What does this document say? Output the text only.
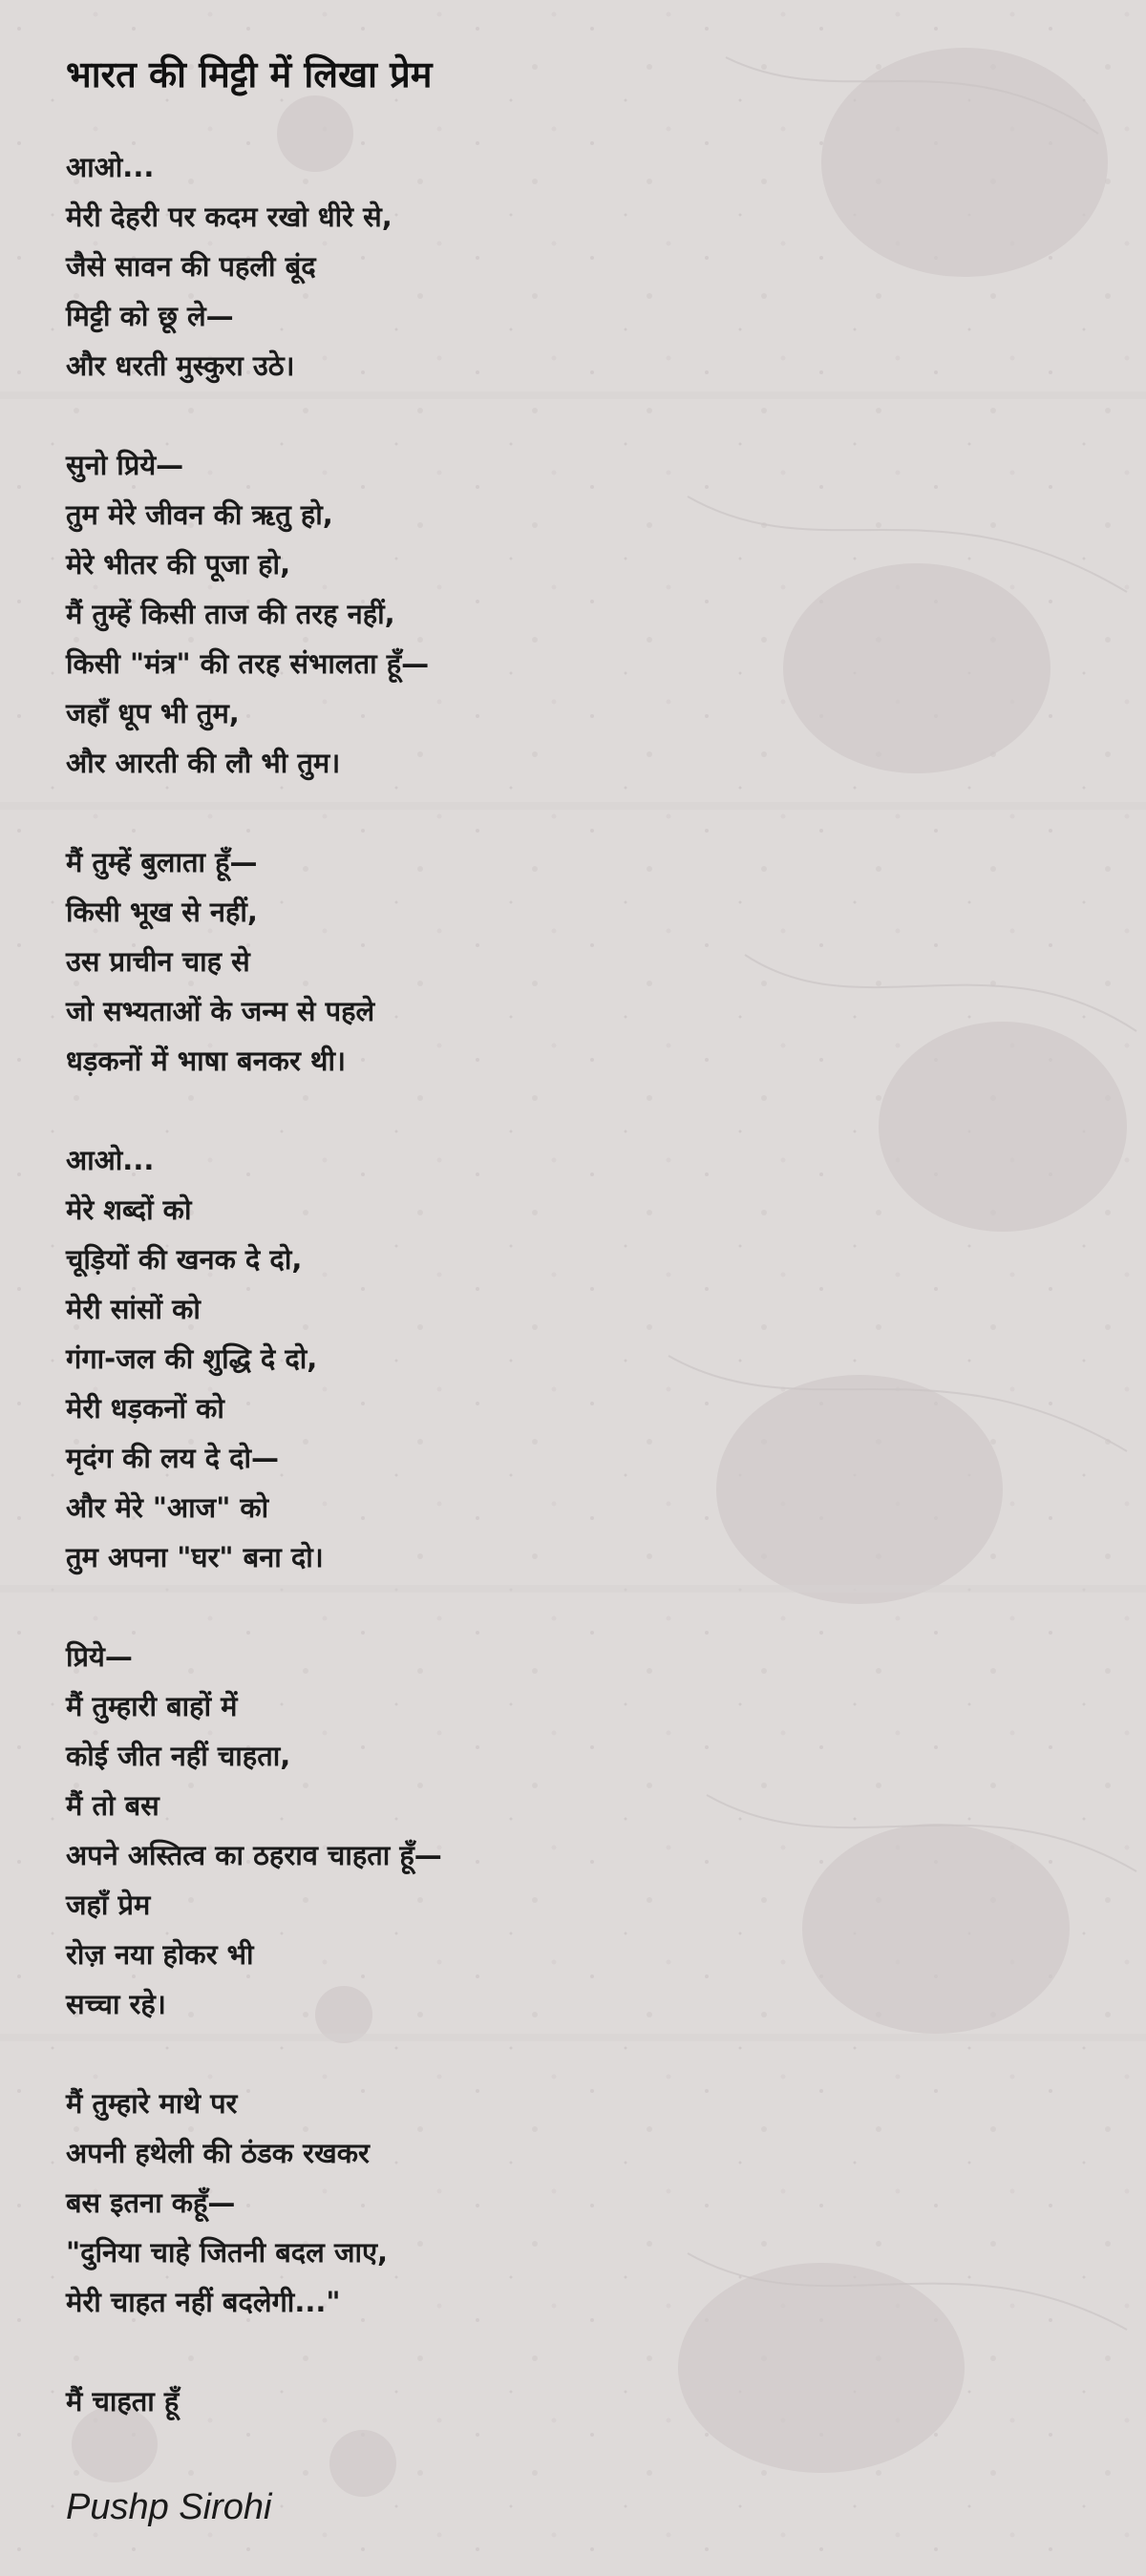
भारत की मिट्टी में लिखा प्रेम
आओ...
मेरी देहरी पर कदम रखो धीरे से,
जैसे सावन की पहली बूंद
मिट्टी को छू ले—
और धरती मुस्कुरा उठे।
सुनो प्रिये—
तुम मेरे जीवन की ऋतु हो,
मेरे भीतर की पूजा हो,
मैं तुम्हें किसी ताज की तरह नहीं,
किसी "मंत्र" की तरह संभालता हूँ—
जहाँ धूप भी तुम,
और आरती की लौ भी तुम।
मैं तुम्हें बुलाता हूँ—
किसी भूख से नहीं,
उस प्राचीन चाह से
जो सभ्यताओं के जन्म से पहले
धड़कनों में भाषा बनकर थी।
आओ...
मेरे शब्दों को
चूड़ियों की खनक दे दो,
मेरी सांसों को
गंगा-जल की शुद्धि दे दो,
मेरी धड़कनों को
मृदंग की लय दे दो—
और मेरे "आज" को
तुम अपना "घर" बना दो।
प्रिये—
मैं तुम्हारी बाहों में
कोई जीत नहीं चाहता,
मैं तो बस
अपने अस्तित्व का ठहराव चाहता हूँ—
जहाँ प्रेम
रोज़ नया होकर भी
सच्चा रहे।
मैं तुम्हारे माथे पर
अपनी हथेली की ठंडक रखकर
बस इतना कहूँ—
"दुनिया चाहे जितनी बदल जाए,
मेरी चाहत नहीं बदलेगी..."
मैं चाहता हूँ
Pushp Sirohi
